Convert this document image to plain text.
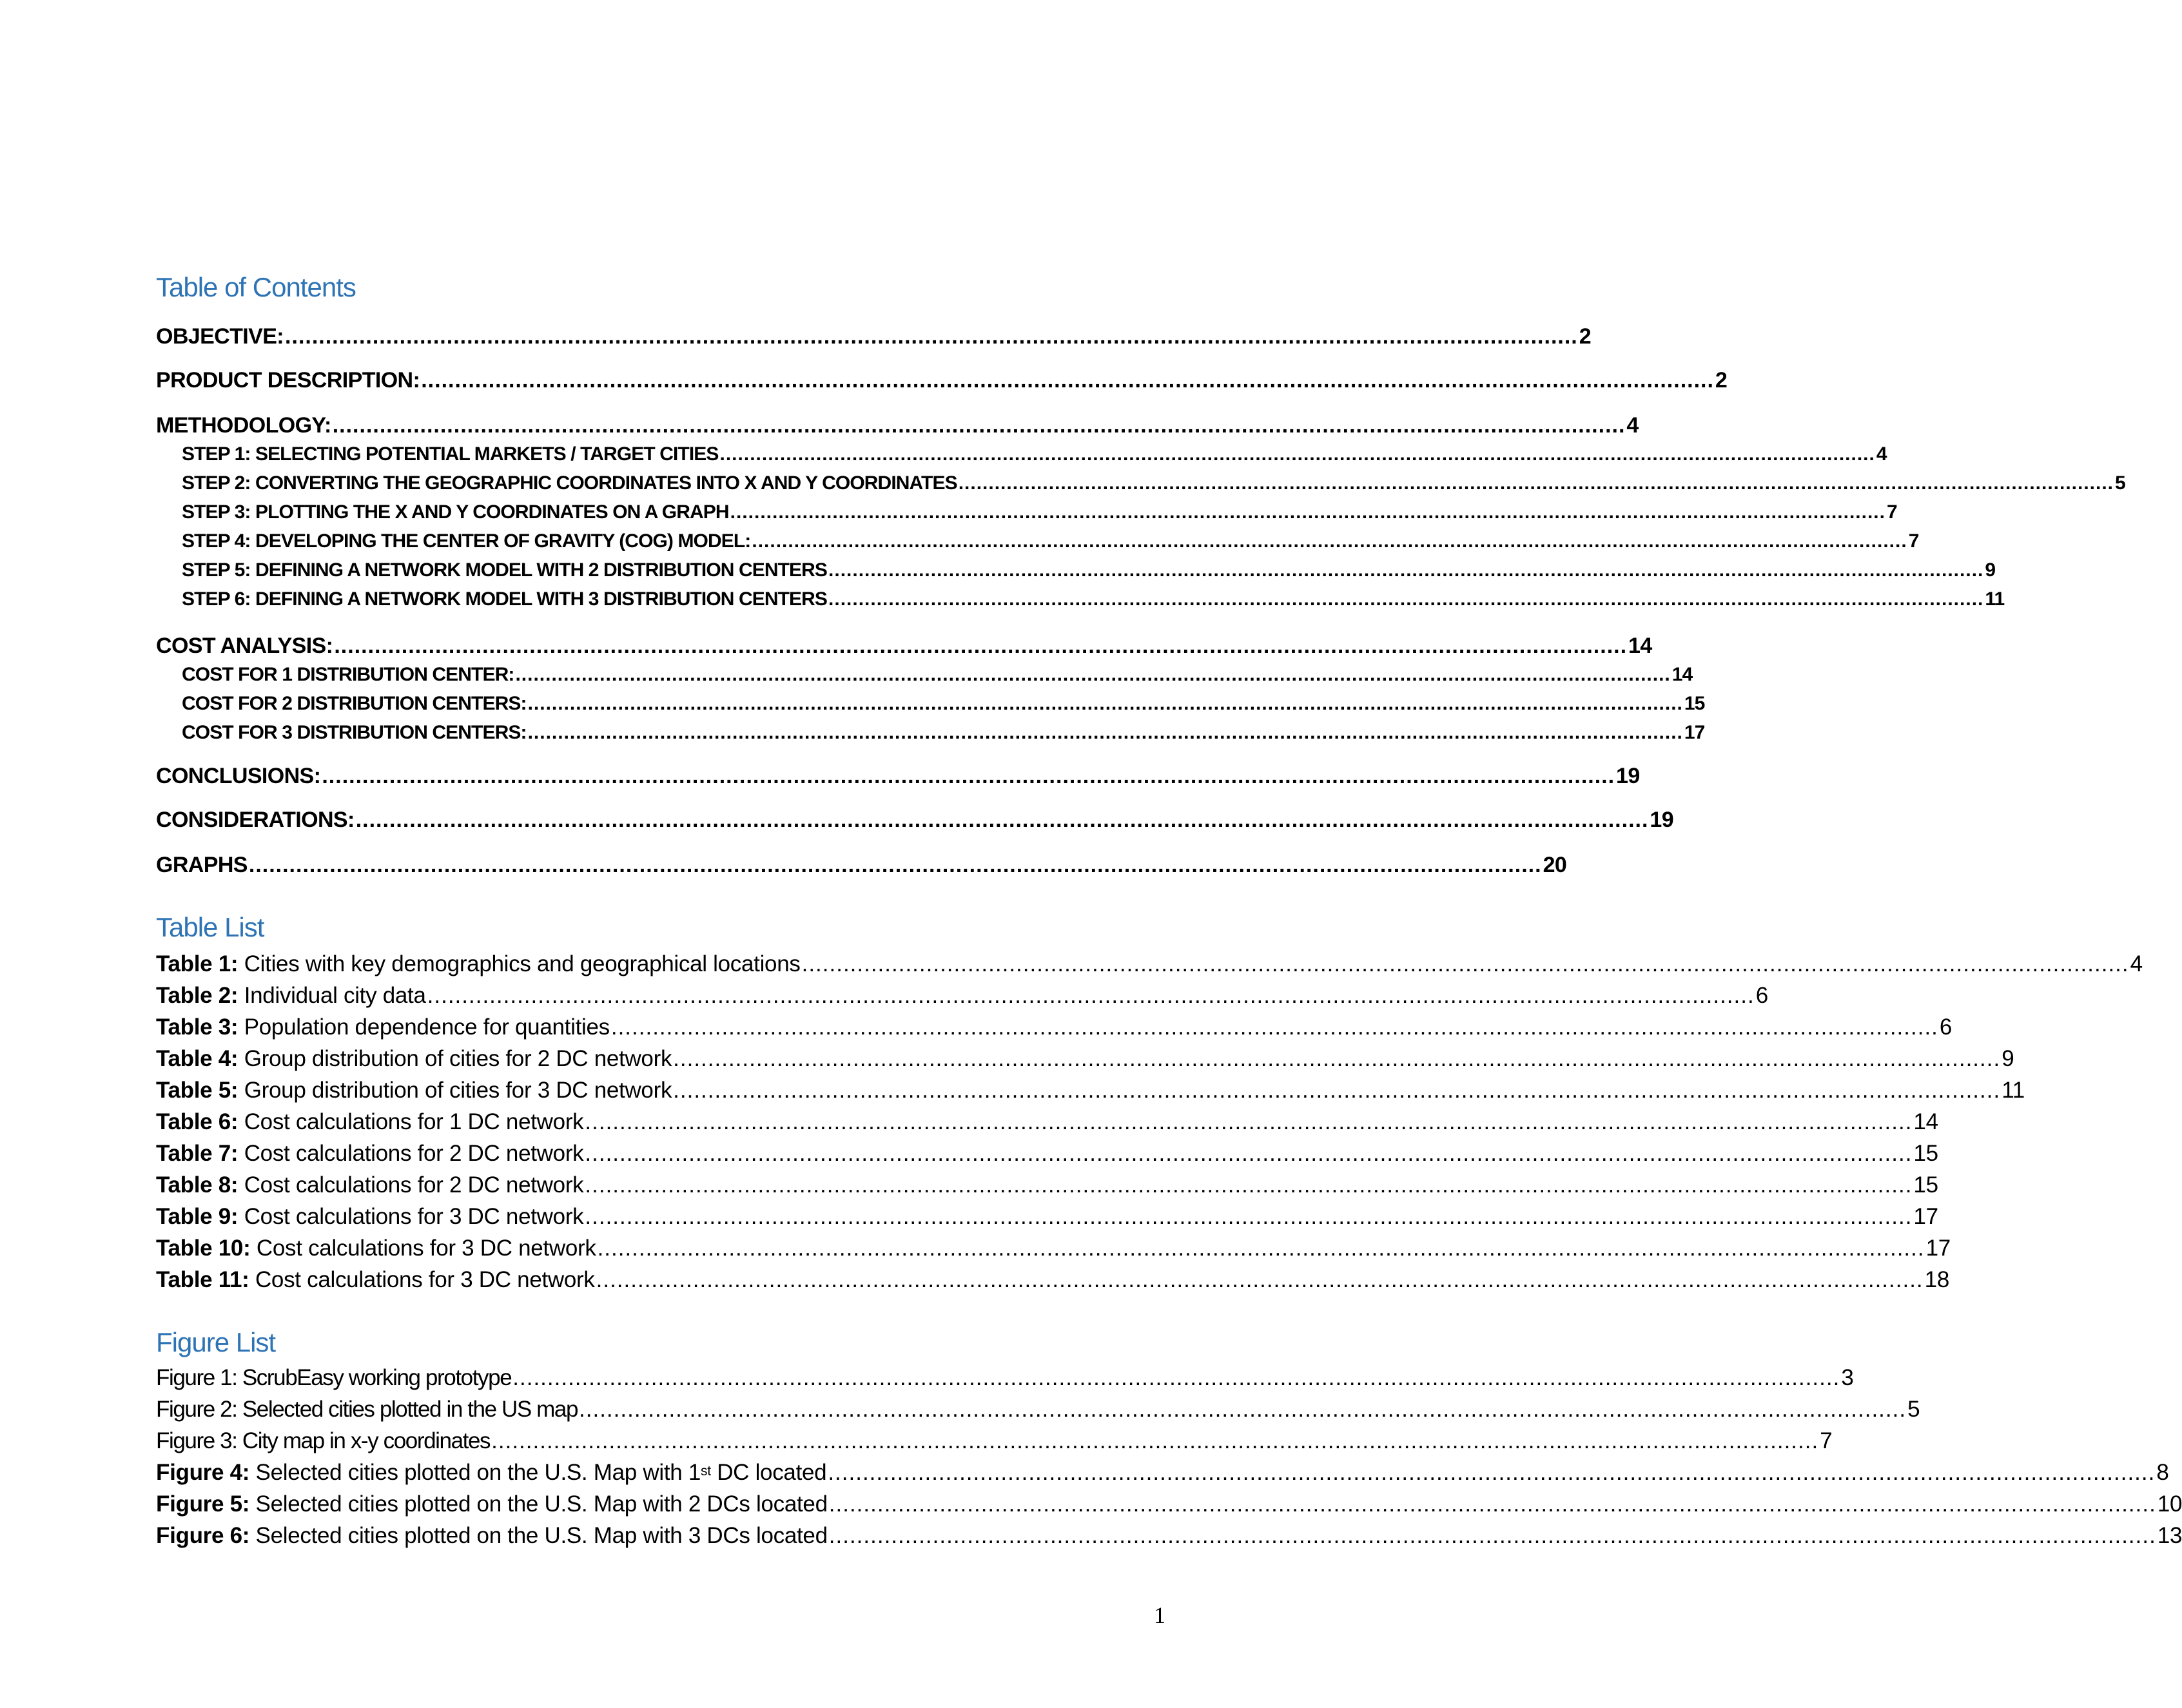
Table of Contents
OBJECTIVE: ................................................................................................................................................................................................ 2
PRODUCT DESCRIPTION: ................................................................................................................................................................................................ 2
METHODOLOGY: ................................................................................................................................................................................................ 4
STEP 1: SELECTING POTENTIAL MARKETS / TARGET CITIES ................................................................................................................................................................................................ 4
STEP 2: CONVERTING THE GEOGRAPHIC COORDINATES INTO X AND Y COORDINATES ................................................................................................................................................................................................ 5
STEP 3: PLOTTING THE X AND Y COORDINATES ON A GRAPH ................................................................................................................................................................................................ 7
STEP 4: DEVELOPING THE CENTER OF GRAVITY (COG) MODEL: ................................................................................................................................................................................................ 7
STEP 5: DEFINING A NETWORK MODEL WITH 2 DISTRIBUTION CENTERS ................................................................................................................................................................................................ 9
STEP 6: DEFINING A NETWORK MODEL WITH 3 DISTRIBUTION CENTERS ................................................................................................................................................................................................ 11
COST ANALYSIS: ................................................................................................................................................................................................ 14
COST FOR 1 DISTRIBUTION CENTER: ................................................................................................................................................................................................ 14
COST FOR 2 DISTRIBUTION CENTERS: ................................................................................................................................................................................................ 15
COST FOR 3 DISTRIBUTION CENTERS: ................................................................................................................................................................................................ 17
CONCLUSIONS: ................................................................................................................................................................................................ 19
CONSIDERATIONS: ................................................................................................................................................................................................ 19
GRAPHS ................................................................................................................................................................................................ 20
Table List
Table 1: Cities with key demographics and geographical locations ................................................................................................................................................................................................ 4
Table 2: Individual city data ................................................................................................................................................................................................ 6
Table 3: Population dependence for quantities ................................................................................................................................................................................................ 6
Table 4: Group distribution of cities for 2 DC network ................................................................................................................................................................................................ 9
Table 5: Group distribution of cities for 3 DC network ................................................................................................................................................................................................ 11
Table 6: Cost calculations for 1 DC network ................................................................................................................................................................................................ 14
Table 7: Cost calculations for 2 DC network ................................................................................................................................................................................................ 15
Table 8: Cost calculations for 2 DC network ................................................................................................................................................................................................ 15
Table 9: Cost calculations for 3 DC network ................................................................................................................................................................................................ 17
Table 10: Cost calculations for 3 DC network ................................................................................................................................................................................................ 17
Table 11: Cost calculations for 3 DC network ................................................................................................................................................................................................ 18
Figure List
Figure 1: ScrubEasy working prototype ................................................................................................................................................................................................ 3
Figure 2: Selected cities plotted in the US map ................................................................................................................................................................................................ 5
Figure 3: City map in x-y coordinates ................................................................................................................................................................................................ 7
Figure 4: Selected cities plotted on the U.S. Map with 1st DC located ................................................................................................................................................................................................ 8
Figure 5: Selected cities plotted on the U.S. Map with 2 DCs located ................................................................................................................................................................................................ 10
Figure 6: Selected cities plotted on the U.S. Map with 3 DCs located ................................................................................................................................................................................................ 13
1
